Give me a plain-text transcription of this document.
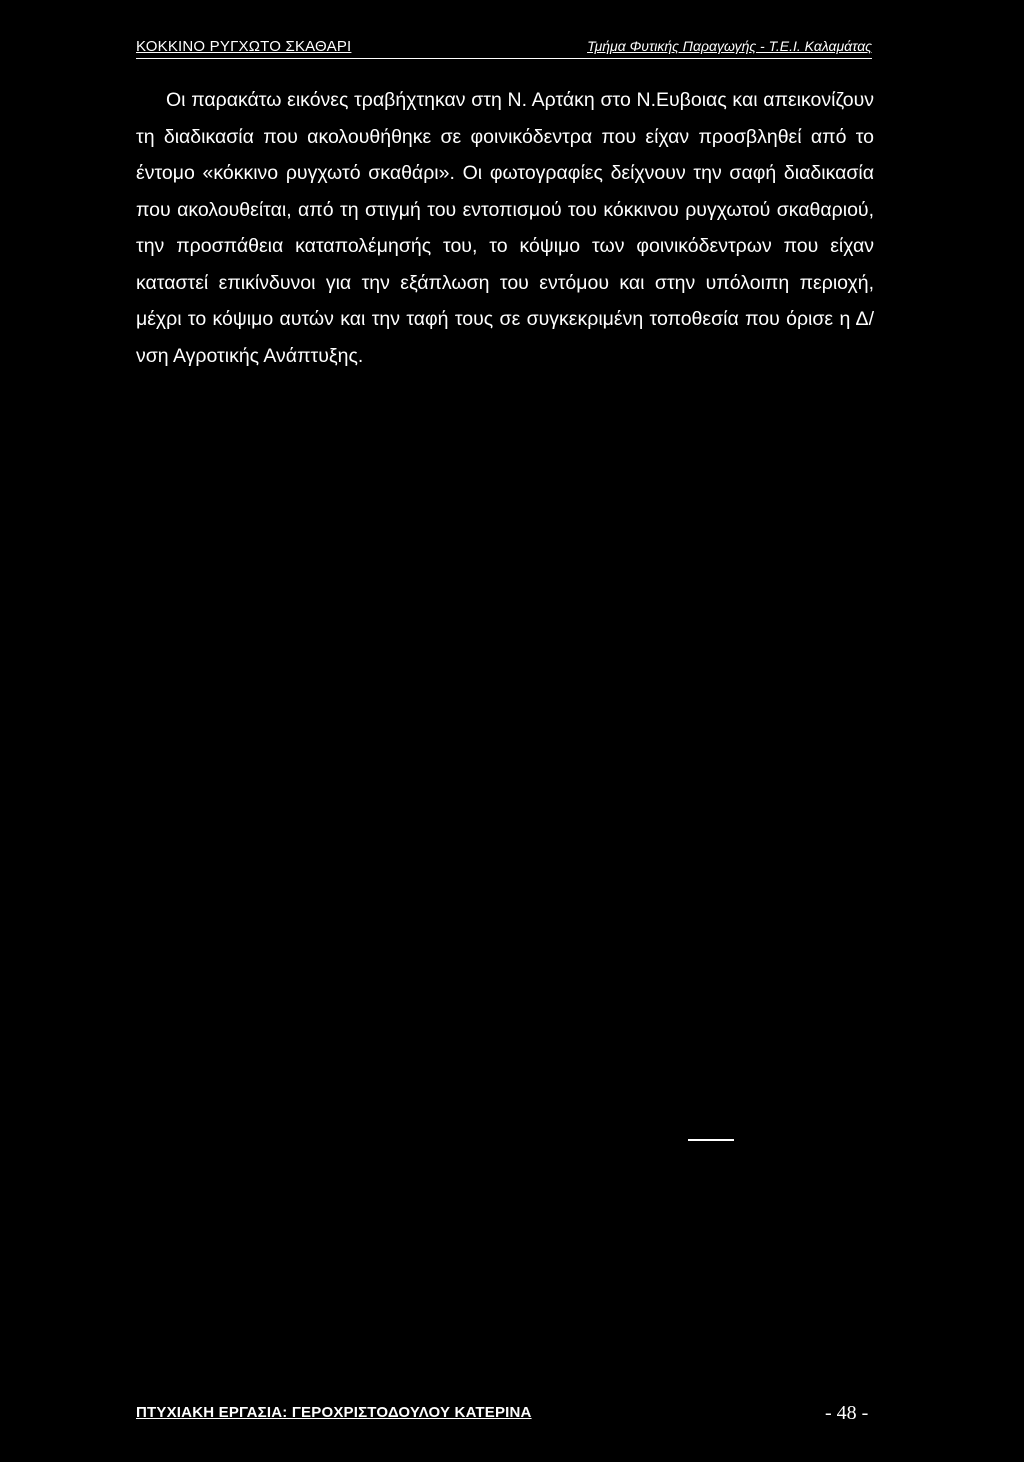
ΚΟΚΚΙΝΟ ΡΥΓΧΩΤΟ ΣΚΑΘΑΡΙ	Τμήμα Φυτικής Παραγωγής - Τ.Ε.Ι. Καλαμάτας

Οι παρακάτω εικόνες τραβήχτηκαν στη Ν. Αρτάκη στο Ν.Ευβοιας και απεικονίζουν τη διαδικασία που ακολουθήθηκε σε φοινικόδεντρα που είχαν προσβληθεί από το έντομο «κόκκινο ρυγχωτό σκαθάρι». Οι φωτογραφίες δείχνουν την σαφή διαδικασία που ακολουθείται, από τη στιγμή του εντοπισμού του κόκκινου ρυγχωτού σκαθαριού, την προσπάθεια καταπολέμησής του, το κόψιμο των φοινικόδεντρων που είχαν καταστεί επικίνδυνοι για την εξάπλωση του εντόμου και στην υπόλοιπη περιοχή, μέχρι το κόψιμο αυτών και την ταφή τους σε συγκεκριμένη τοποθεσία που όρισε η Δ/νση Αγροτικής Ανάπτυξης.

ΠΤΥΧΙΑΚΗ ΕΡΓΑΣΙΑ: ΓΕΡΟΧΡΙΣΤΟΔΟΥΛΟΥ ΚΑΤΕΡΙΝΑ	- 48 -
